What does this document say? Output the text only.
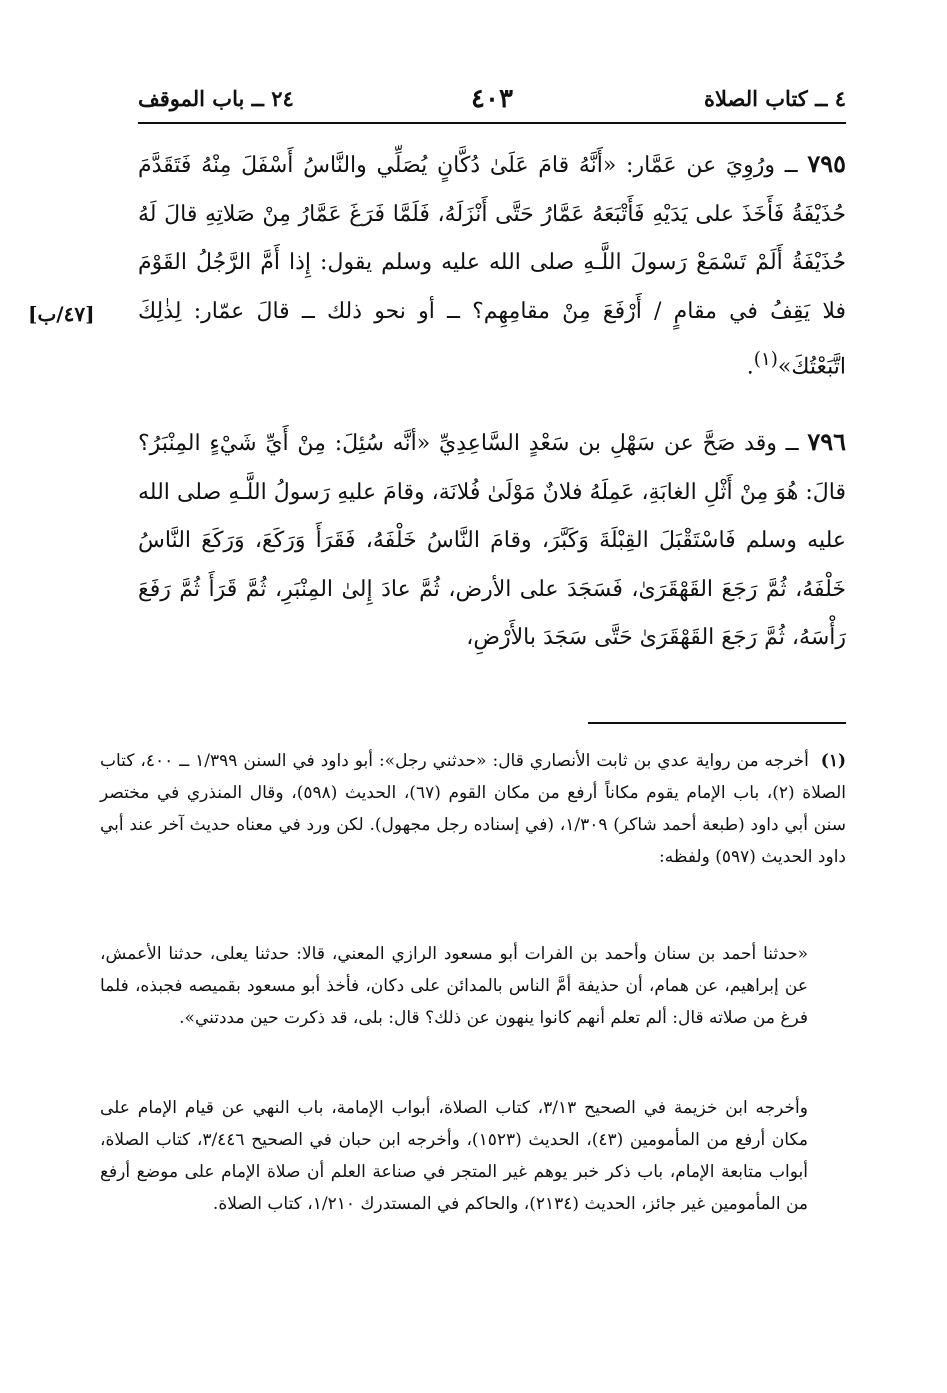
٤ ــ كتاب الصلاة
٤٠٣
٢٤ ــ باب الموقف
٧٩٥ ــ ورُوِيَ عن عَمَّار: «أَنَّهُ قامَ عَلَىٰ دُكَّانٍ يُصَلِّي والنَّاسُ أَسْفَلَ مِنْهُ فَتَقَدَّمَ حُذَيْفَةُ فَأَخَذَ على يَدَيْهِ فَأَتْبَعَهُ عَمَّارُ حَتَّى أَنْزَلَهُ، فَلَمَّا فَرَغَ عَمَّارُ مِنْ صَلاتِهِ قالَ لَهُ حُذَيْفَةُ أَلَمْ تَسْمَعْ رَسولَ اللَّـهِ صلى الله عليه وسلم يقول: إِذا أَمَّ الرَّجُلُ القَوْمَ فلا يَقِفُ في مقامٍ / أَرْفَعَ مِنْ مقامِهِم؟ ــ أو نحو ذلك ــ قالَ عمّار: لِذٰلِكَ اتَّبَعْتُكَ»$^{(١)}$.
[٤٧/ب]
٧٩٦ ــ وقد صَحَّ عن سَهْلِ بن سَعْدٍ السَّاعِدِيِّ «أنَّه سُئِلَ: مِنْ أَيِّ شَيْءٍ المِنْبَرُ؟ قالَ: هُوَ مِنْ أَثْلِ الغابَةِ، عَمِلَهُ فلانٌ مَوْلَىٰ فُلانَة، وقامَ عليهِ رَسولُ اللَّـهِ صلى الله عليه وسلم فَاسْتَقْبَلَ القِبْلَةَ وَكَبَّرَ، وقامَ النَّاسُ خَلْفَهُ، فَقَرَأَ وَرَكَعَ، وَرَكَعَ النَّاسُ خَلْفَهُ، ثُمَّ رَجَعَ القَهْقَرَىٰ، فَسَجَدَ على الأرض، ثُمَّ عادَ إِلىٰ المِنْبَرِ، ثُمَّ قَرَأَ ثُمَّ رَفَعَ رَأْسَهُ، ثُمَّ رَجَعَ القَهْقَرَىٰ حَتَّى سَجَدَ بالأَرْضِ،
(١) أخرجه من رواية عدي بن ثابت الأنصاري قال: «حدثني رجل»: أبو داود في السنن ١/٣٩٩ ــ ٤٠٠، كتاب الصلاة (٢)، باب الإمام يقوم مكاناً أرفع من مكان القوم (٦٧)، الحديث (٥٩٨)، وقال المنذري في مختصر سنن أبي داود (طبعة أحمد شاكر) ١/٣٠٩، (في إسناده رجل مجهول). لكن ورد في معناه حديث آخر عند أبي داود الحديث (٥٩٧) ولفظه:
«حدثنا أحمد بن سنان وأحمد بن الفرات أبو مسعود الرازي المعني، قالا: حدثنا يعلى، حدثنا الأعمش، عن إبراهيم، عن همام، أن حذيفة أمَّ الناس بالمدائن على دكان، فأخذ أبو مسعود بقميصه فجبذه، فلما فرغ من صلاته قال: ألم تعلم أنهم كانوا ينهون عن ذلك؟ قال: بلى، قد ذكرت حين مددتني».
وأخرجه ابن خزيمة في الصحيح ٣/١٣، كتاب الصلاة، أبواب الإمامة، باب النهي عن قيام الإمام على مكان أرفع من المأمومين (٤٣)، الحديث (١٥٢٣)، وأخرجه ابن حبان في الصحيح ٣/٤٤٦، كتاب الصلاة، أبواب متابعة الإمام، باب ذكر خبر يوهم غير المتجر في صناعة العلم أن صلاة الإمام على موضع أرفع من المأمومين غير جائز، الحديث (٢١٣٤)، والحاكم في المستدرك ١/٢١٠، كتاب الصلاة.
